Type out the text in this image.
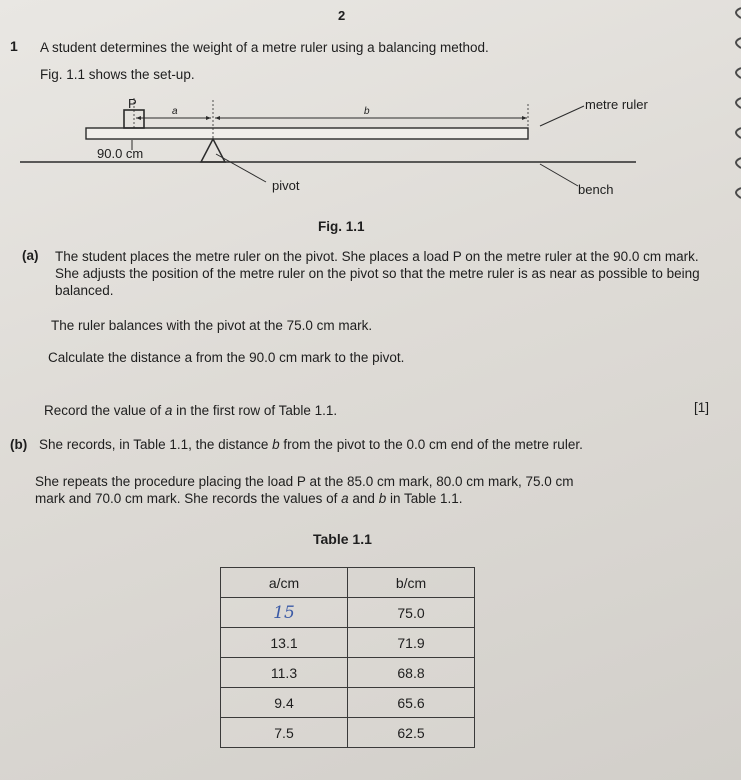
2
1 A student determines the weight of a metre ruler using a balancing method.
Fig. 1.1 shows the set-up.
P
a	b	metre ruler
90.0 cm
pivot	bench
Fig. 1.1
(a) The student places the metre ruler on the pivot. She places a load P on the metre ruler at the 90.0 cm mark. She adjusts the position of the metre ruler on the pivot so that the metre ruler is as near as possible to being balanced.
The ruler balances with the pivot at the 75.0 cm mark.
Calculate the distance a from the 90.0 cm mark to the pivot.
Record the value of a in the first row of Table 1.1.	[1]
(b) She records, in Table 1.1, the distance b from the pivot to the 0.0 cm end of the metre ruler.
She repeats the procedure placing the load P at the 85.0 cm mark, 80.0 cm mark, 75.0 cm
mark and 70.0 cm mark. She records the values of a and b in Table 1.1.
Table 1.1
a/cm	b/cm
15	75.0
13.1	71.9
11.3	68.8
9.4	65.6
7.5	62.5
